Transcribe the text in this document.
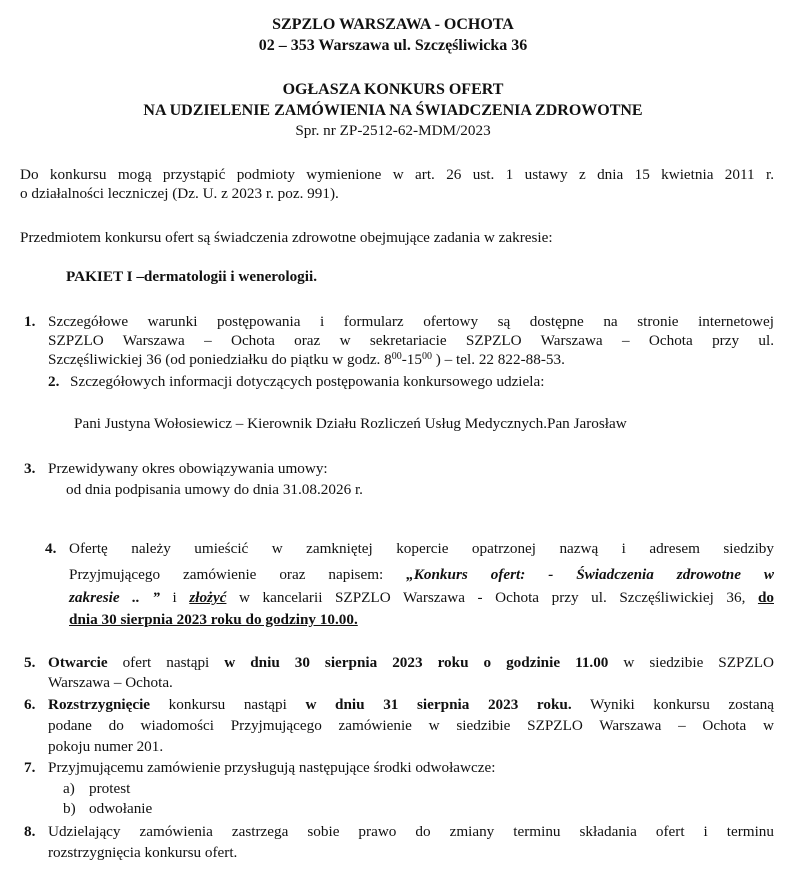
SZPZLO WARSZAWA - OCHOTA
02 – 353 Warszawa ul. Szczęśliwicka 36
OGŁASZA KONKURS OFERT
NA UDZIELENIE ZAMÓWIENIA NA ŚWIADCZENIA ZDROWOTNE
Spr. nr ZP-2512-62-MDM/2023
Do konkursu mogą przystąpić podmioty wymienione w art. 26 ust. 1 ustawy z dnia 15 kwietnia 2011 r.
o działalności leczniczej (Dz. U. z 2023 r. poz. 991).
Przedmiotem konkursu ofert są świadczenia zdrowotne obejmujące zadania w zakresie:
PAKIET I –dermatologii i wenerologii.
1. Szczegółowe warunki postępowania i formularz ofertowy są dostępne na stronie internetowej
SZPZLO Warszawa – Ochota oraz w sekretariacie SZPZLO Warszawa – Ochota przy ul.
Szczęśliwickiej 36 (od poniedziałku do piątku w godz. $8^{00}-15^{00}$ ) – tel. 22 822-88-53.
2. Szczegółowych informacji dotyczących postępowania konkursowego udziela:
Pani Justyna Wołosiewicz – Kierownik Działu Rozliczeń Usług Medycznych.Pan Jarosław
3. Przewidywany okres obowiązywania umowy:
od dnia podpisania umowy do dnia 31.08.2026 r.
4. Ofertę należy umieścić w zamkniętej kopercie opatrzonej nazwą i adresem siedziby
Przyjmującego zamówienie oraz napisem: „Konkurs ofert: - Świadczenia zdrowotne w
zakresie .. ” i złożyć w kancelarii SZPZLO Warszawa - Ochota przy ul. Szczęśliwickiej 36, do
dnia 30 sierpnia 2023 roku do godziny 10.00.
5. Otwarcie ofert nastąpi w dniu 30 sierpnia 2023 roku o godzinie 11.00 w siedzibie SZPZLO
Warszawa – Ochota.
6. Rozstrzygnięcie konkursu nastąpi w dniu 31 sierpnia 2023 roku. Wyniki konkursu zostaną
podane do wiadomości Przyjmującego zamówienie w siedzibie SZPZLO Warszawa – Ochota w
pokoju numer 201.
7. Przyjmującemu zamówienie przysługują następujące środki odwoławcze:
a) protest
b) odwołanie
8. Udzielający zamówienia zastrzega sobie prawo do zmiany terminu składania ofert i terminu
rozstrzygnięcia konkursu ofert.
